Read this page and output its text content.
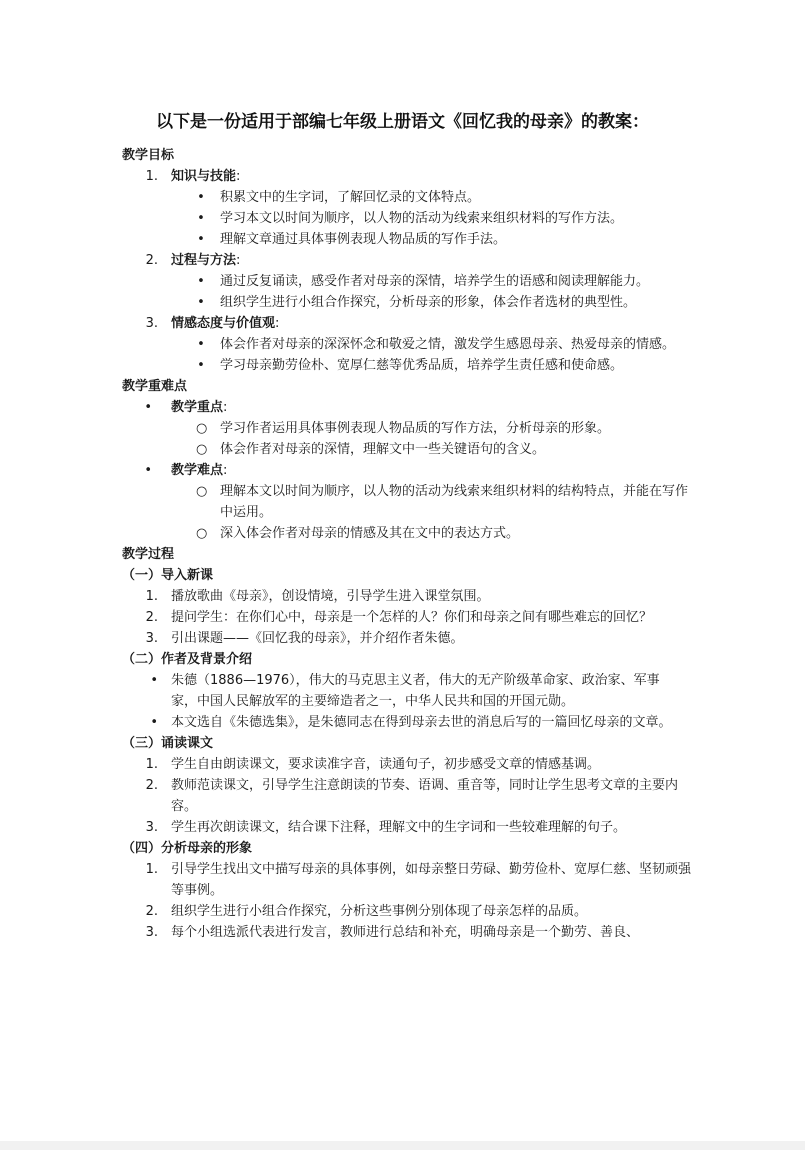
以下是一份适用于部编七年级上册语文《回忆我的母亲》的教案：

教学目标

1. 知识与技能:

• 积累文中的生字词，了解回忆录的文体特点。

• 学习本文以时间为顺序，以人物的活动为线索来组织材料的写作方法。

• 理解文章通过具体事例表现人物品质的写作手法。

2. 过程与方法:

• 通过反复诵读，感受作者对母亲的深情，培养学生的语感和阅读理解能力。

• 组织学生进行小组合作探究，分析母亲的形象，体会作者选材的典型性。

3. 情感态度与价值观:

• 体会作者对母亲的深深怀念和敬爱之情，激发学生感恩母亲、热爱母亲的情感。

• 学习母亲勤劳俭朴、宽厚仁慈等优秀品质，培养学生责任感和使命感。

教学重难点

• 教学重点:

○ 学习作者运用具体事例表现人物品质的写作方法，分析母亲的形象。

○ 体会作者对母亲的深情，理解文中一些关键语句的含义。

• 教学难点:

○ 理解本文以时间为顺序，以人物的活动为线索来组织材料的结构特点，并能在写作中运用。

○ 深入体会作者对母亲的情感及其在文中的表达方式。

教学过程

（一）导入新课

1. 播放歌曲《母亲》，创设情境，引导学生进入课堂氛围。

2. 提问学生：在你们心中，母亲是一个怎样的人？你们和母亲之间有哪些难忘的回忆？

3. 引出课题——《回忆我的母亲》，并介绍作者朱德。

（二）作者及背景介绍

• 朱德（1886—1976），伟大的马克思主义者，伟大的无产阶级革命家、政治家、军事家，中国人民解放军的主要缔造者之一，中华人民共和国的开国元勋。

• 本文选自《朱德选集》，是朱德同志在得到母亲去世的消息后写的一篇回忆母亲的文章。

（三）诵读课文

1. 学生自由朗读课文，要求读准字音，读通句子，初步感受文章的情感基调。

2. 教师范读课文，引导学生注意朗读的节奏、语调、重音等，同时让学生思考文章的主要内容。

3. 学生再次朗读课文，结合课下注释，理解文中的生字词和一些较难理解的句子。

（四）分析母亲的形象

1. 引导学生找出文中描写母亲的具体事例，如母亲整日劳碌、勤劳俭朴、宽厚仁慈、坚韧顽强等事例。

2. 组织学生进行小组合作探究，分析这些事例分别体现了母亲怎样的品质。

3. 每个小组选派代表进行发言，教师进行总结和补充，明确母亲是一个勤劳、善良、
